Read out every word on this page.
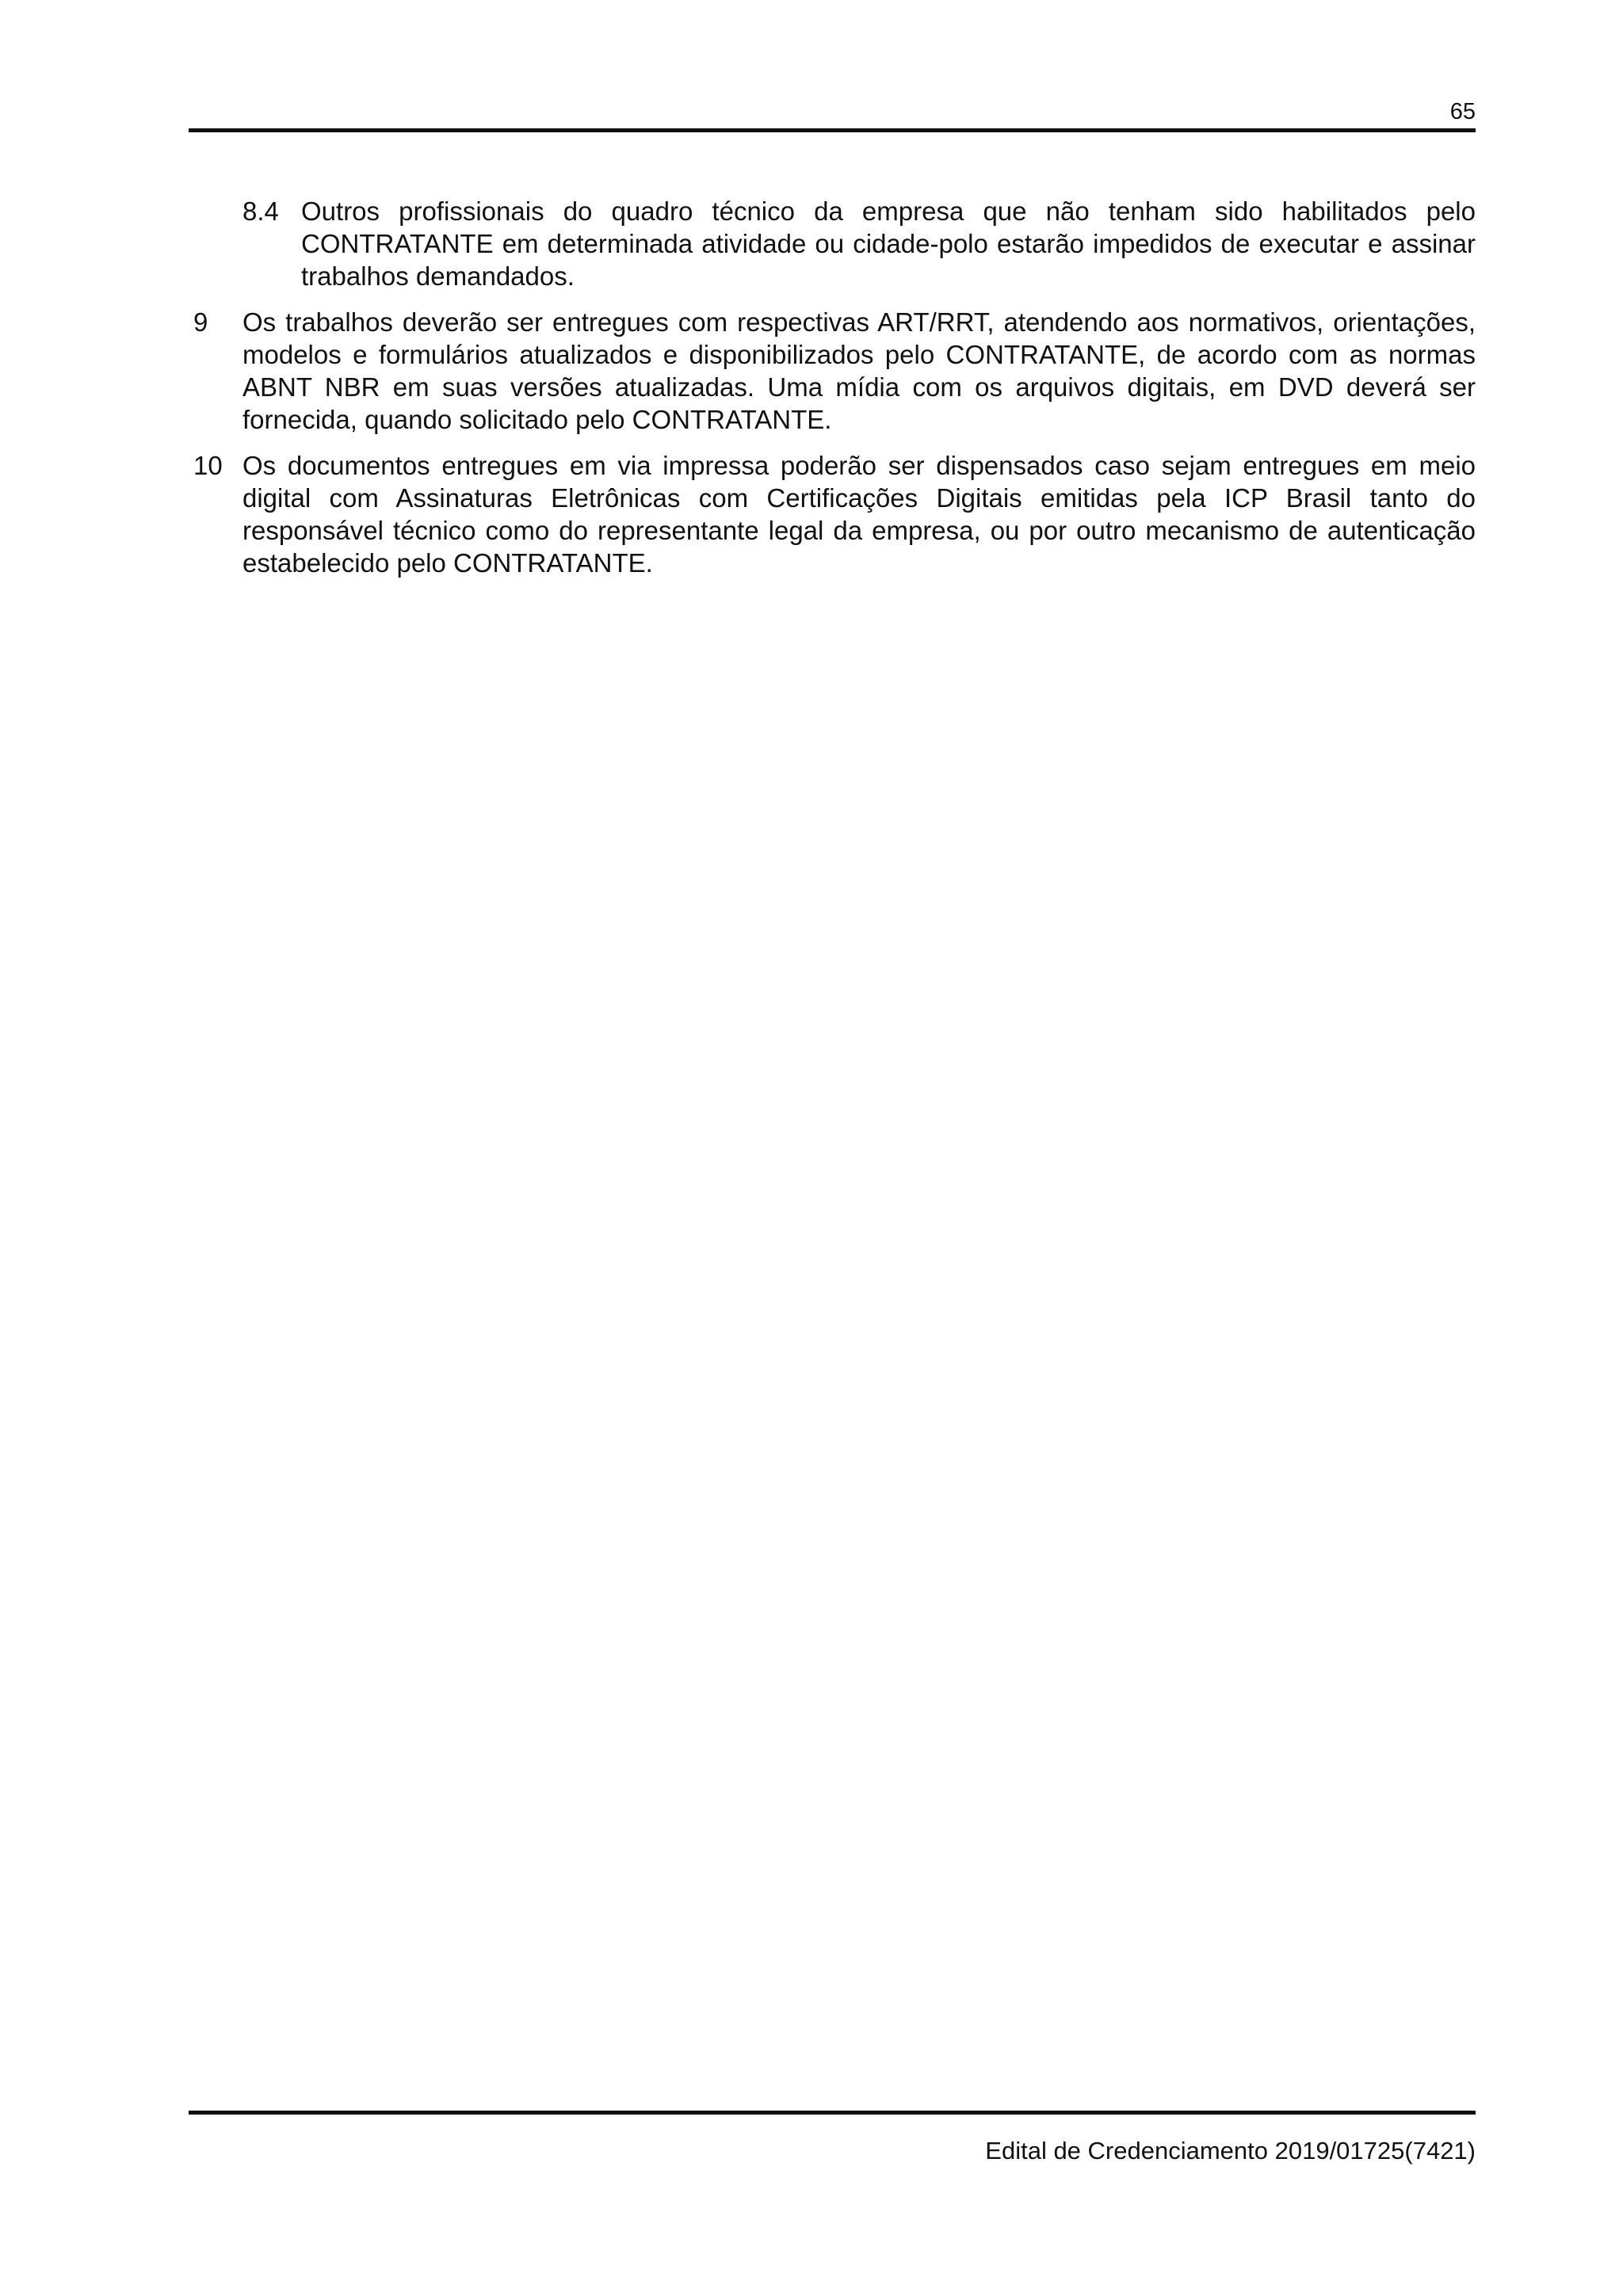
65
8.4 Outros profissionais do quadro técnico da empresa que não tenham sido habilitados pelo CONTRATANTE em determinada atividade ou cidade-polo estarão impedidos de executar e assinar trabalhos demandados.
9	Os trabalhos deverão ser entregues com respectivas ART/RRT, atendendo aos normativos, orientações, modelos e formulários atualizados e disponibilizados pelo CONTRATANTE, de acordo com as normas ABNT NBR em suas versões atualizadas. Uma mídia com os arquivos digitais, em DVD deverá ser fornecida, quando solicitado pelo CONTRATANTE.
10 Os documentos entregues em via impressa poderão ser dispensados caso sejam entregues em meio digital com Assinaturas Eletrônicas com Certificações Digitais emitidas pela ICP Brasil tanto do responsável técnico como do representante legal da empresa, ou por outro mecanismo de autenticação estabelecido pelo CONTRATANTE.
Edital de Credenciamento 2019/01725(7421)
